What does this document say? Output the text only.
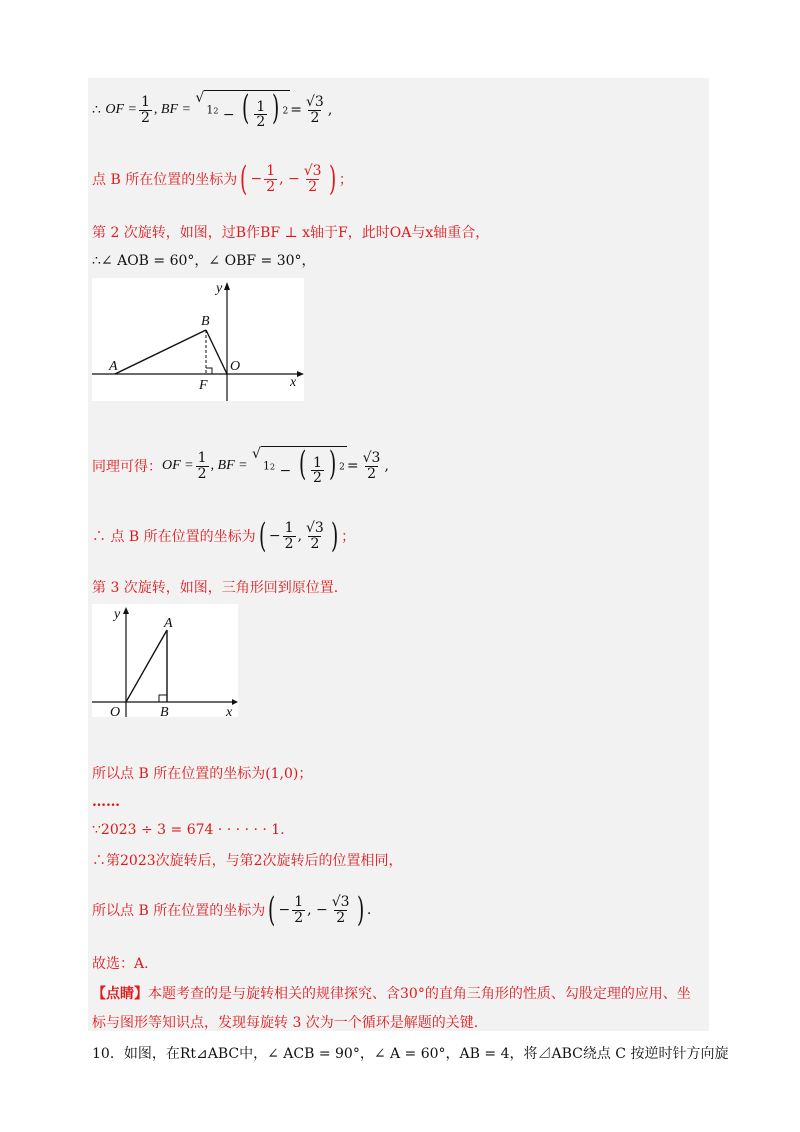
∴
OF = $\frac{1}{2}$ , BF =

√
$^{12}$ − ( $\frac{1}{2}$ ) $^2 = \frac{√3}{2}$ ,
点 B 所在位置的坐标为 ( − $\frac{1}{2}$ , − $\frac{√3}{2}$ ) ；
第 2 次旋转，如图，过B作BF ⊥ x轴于F，此时OA与x轴重合，
∴∠ AOB = 60°，∠ OBF = 30°，
A
B
F
O
x
y
同理可得： OF = $\frac{1}{2}$ , BF =

√
$^{12}$ − ( $\frac{1}{2}$ ) $^2 = \frac{√3}{2}$ ,
∴ 点 B 所在位置的坐标为 ( − $\frac{1}{2}$ , $\frac{√3}{2}$ ) ；
第 3 次旋转，如图，三角形回到原位置.
A
B
O	x
y
所以点 B 所在位置的坐标为(1,0)；
……
∵2023 ÷ 3 = 674 · · · · · · 1.
∴第2023次旋转后，与第2次旋转后的位置相同，
所以点 B 所在位置的坐标为 ( − $\frac{1}{2}$ , − $\frac{√3}{2}$ ) .
故选：A.
【点睛】 本题考查的是与旋转相关的规律探究、含30°的直角三角形的性质、勾股定理的应用、坐
标与图形等知识点，发现每旋转 3 次为一个循环是解题的关键.
10．如图，在Rt⊿ABC中，∠ ACB = 90°，∠ A = 60°，AB = 4，将⊿ABC绕点 C 按逆时针方向旋
